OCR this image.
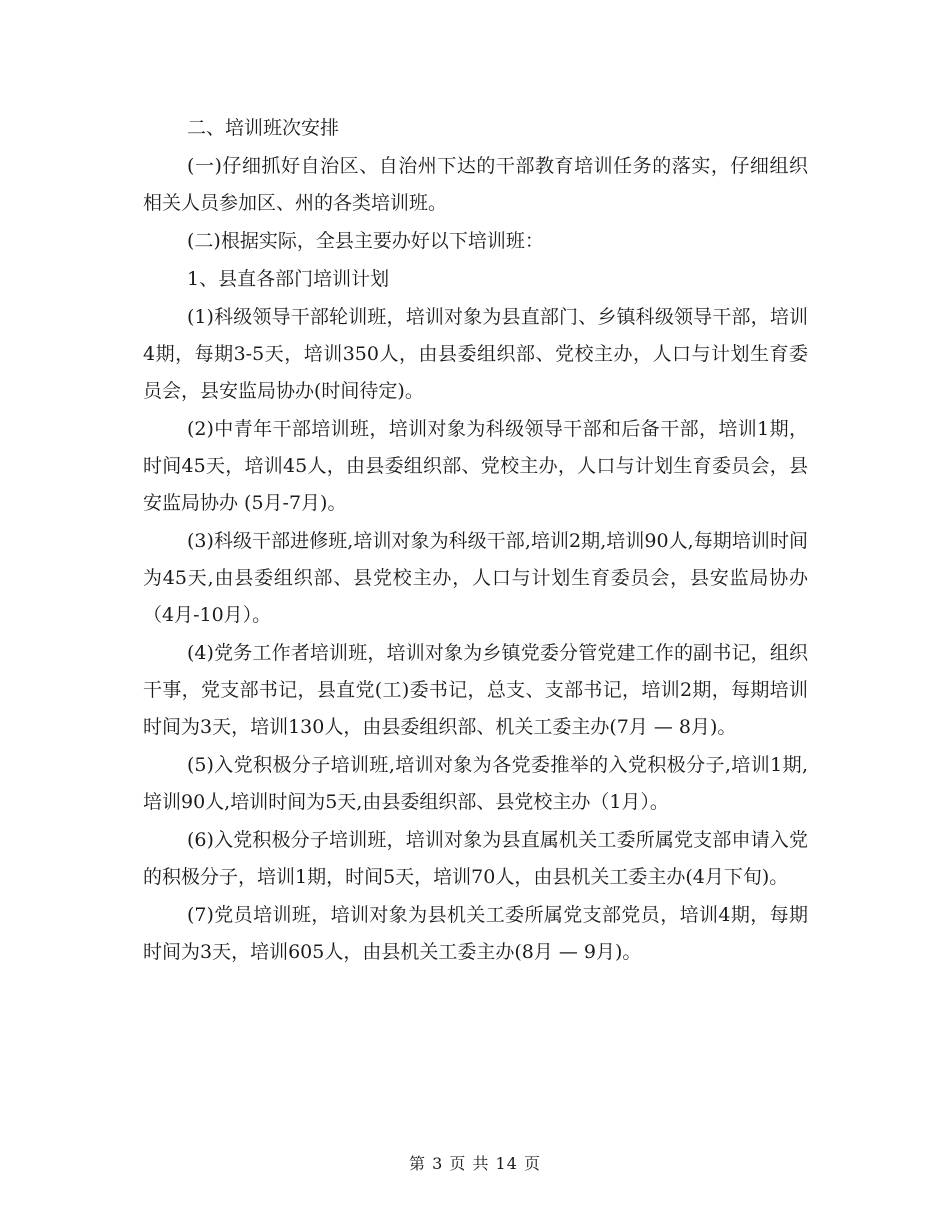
二、培训班次安排

(一)仔细抓好自治区、自治州下达的干部教育培训任务的落实，仔细组织相关人员参加区、州的各类培训班。

(二)根据实际，全县主要办好以下培训班：

1、县直各部门培训计划

(1)科级领导干部轮训班，培训对象为县直部门、乡镇科级领导干部，培训4期，每期3-5天，培训350人，由县委组织部、党校主办，人口与计划生育委员会，县安监局协办(时间待定)。

(2)中青年干部培训班，培训对象为科级领导干部和后备干部，培训1期，时间45天，培训45人，由县委组织部、党校主办，人口与计划生育委员会，县安监局协办 (5月-7月)。

(3)科级干部进修班,培训对象为科级干部,培训2期,培训90人,每期培训时间为45天,由县委组织部、县党校主办，人口与计划生育委员会，县安监局协办（4月-10月）。

(4)党务工作者培训班，培训对象为乡镇党委分管党建工作的副书记，组织干事，党支部书记，县直党(工)委书记，总支、支部书记，培训2期，每期培训时间为3天，培训130人，由县委组织部、机关工委主办(7月 — 8月)。

(5)入党积极分子培训班,培训对象为各党委推举的入党积极分子,培训1期,培训90人,培训时间为5天,由县委组织部、县党校主办（1月）。

(6)入党积极分子培训班，培训对象为县直属机关工委所属党支部申请入党的积极分子，培训1期，时间5天，培训70人，由县机关工委主办(4月下旬)。

(7)党员培训班，培训对象为县机关工委所属党支部党员，培训4期，每期时间为3天，培训605人，由县机关工委主办(8月 — 9月)。

第 3 页 共 14 页
